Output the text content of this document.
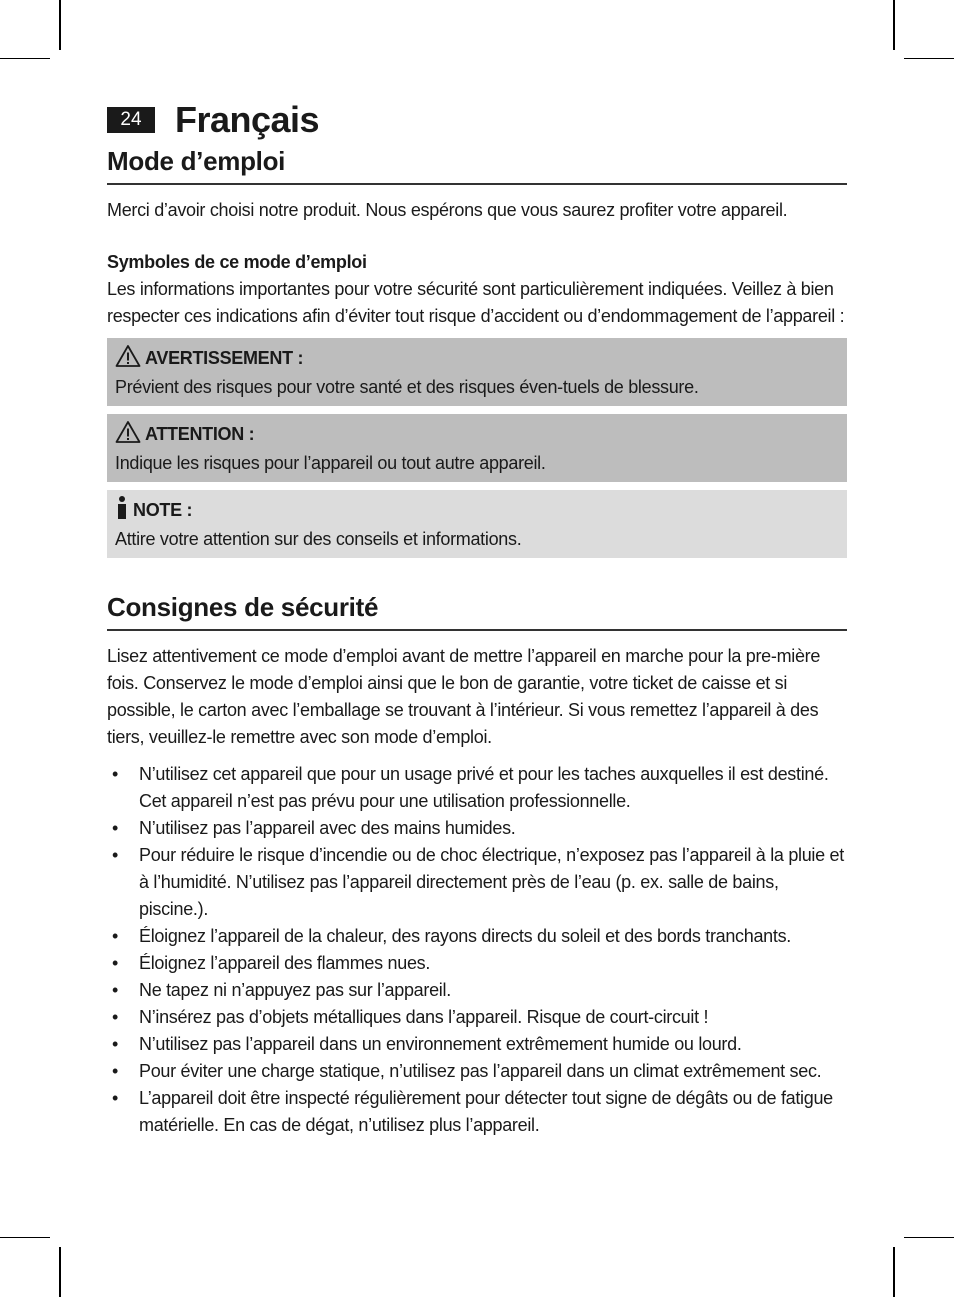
24 Français
Mode d’emploi

Merci d’avoir choisi notre produit. Nous espérons que vous saurez profiter votre appareil.

Symboles de ce mode d’emploi

Les informations importantes pour votre sécurité sont particulièrement indiquées. Veillez à bien respecter ces indications afin d’éviter tout risque d’accident ou d’endommagement de l’appareil :

AVERTISSEMENT :
Prévient des risques pour votre santé et des risques éven-tuels de blessure.
ATTENTION :
Indique les risques pour l’appareil ou tout autre appareil.
NOTE :
Attire votre attention sur des conseils et informations.
Consignes de sécurité

Lisez attentivement ce mode d’emploi avant de mettre l’appareil en marche pour la pre-mière fois. Conservez le mode d’emploi ainsi que le bon de garantie, votre ticket de caisse et si possible, le carton avec l’emballage se trouvant à l’intérieur. Si vous remettez l’appareil à des tiers, veuillez-le remettre avec son mode d’emploi.

• N’utilisez cet appareil que pour un usage privé et pour les taches auxquelles il est destiné. Cet appareil n’est pas prévu pour une utilisation professionnelle.
• N’utilisez pas l’appareil avec des mains humides.
• Pour réduire le risque d’incendie ou de choc électrique, n’exposez pas l’appareil à la pluie et à l’humidité. N’utilisez pas l’appareil directement près de l’eau (p. ex. salle de bains, piscine.).
• Éloignez l’appareil de la chaleur, des rayons directs du soleil et des bords tranchants.
• Éloignez l’appareil des flammes nues.
• Ne tapez ni n’appuyez pas sur l’appareil.
• N’insérez pas d’objets métalliques dans l’appareil. Risque de court-circuit !
• N’utilisez pas l’appareil dans un environnement extrêmement humide ou lourd.
• Pour éviter une charge statique, n’utilisez pas l’appareil dans un climat extrêmement sec.
• L’appareil doit être inspecté régulièrement pour détecter tout signe de dégâts ou de fatigue matérielle. En cas de dégat, n’utilisez plus l’appareil.
